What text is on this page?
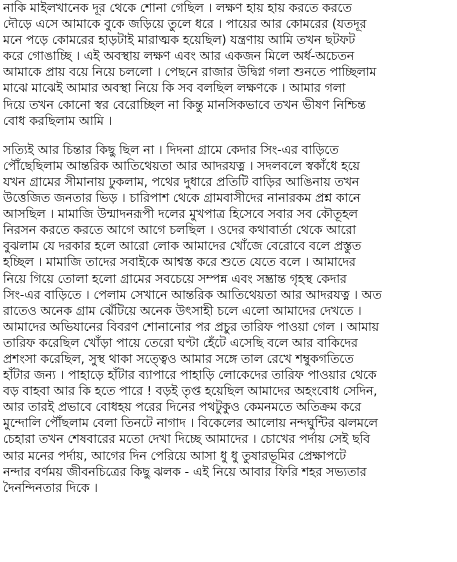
নাকি মাইলখানেক দূর থেকে শোনা গেছিল । লক্ষণ হায় হায় করতে করতে
দৌড়ে এসে আমাকে বুকে জড়িয়ে তুলে ধরে । পায়ের আর কোমরের (যতদূর
মনে পড়ে কোমরের হাড়টাই মারাত্মক হয়েছিল) যন্ত্রণায় আমি তখন ছটফট
করে গোঙাচ্ছি । এই অবস্থায় লক্ষণ এবং আর একজন মিলে অর্ধ-অচেতন
আমাকে প্রায় বয়ে নিয়ে চললো । পেছনে রাজার উদ্বিগ্ন গলা শুনতে পাচ্ছিলাম
মাঝে মাঝেই আমার অবস্থা নিয়ে কি সব বলছিল লক্ষণকে । আমার গলা
দিয়ে তখন কোনো স্বর বেরোচ্ছিল না কিন্তু মানসিকভাবে তখন ভীষণ নিশ্চিন্ত
বোধ করছিলাম আমি ।
সত্যিই আর চিন্তার কিছু ছিল না । দিদনা গ্রামে কেদার সিং-এর বাড়িতে
পৌঁছেছিলাম আন্তরিক আতিথেয়তা আর আদরযত্ন । সদলবলে স্বকাঁধে হয়ে
যখন গ্রামের সীমানায় ঢুকলাম, পথের দুধারে প্রতিটি বাড়ির আঙিনায় তখন
উত্তেজিত জনতার ভিড় । চারিপাশ থেকে গ্রামবাসীদের নানারকম প্রশ্ন কানে
আসছিল । মামাজি উন্মাদনরূপী দলের মুখপাত্র হিসেবে সবার সব কৌতূহল
নিরসন করতে করতে আগে আগে চলছিল । ওদের কথাবার্তা থেকে আরো
বুঝলাম যে দরকার হলে আরো লোক আমাদের খোঁজে বেরোবে বলে প্রস্তুত
হচ্ছিল । মামাজি তাদের সবাইকে আশ্বস্ত করে শুতে যেতে বলে । আমাদের
নিয়ে গিয়ে তোলা হলো গ্রামের সবচেয়ে সম্পন্ন এবং সম্ভ্রান্ত গৃহস্থ কেদার
সিং-এর বাড়িতে । পেলাম সেখানে আন্তরিক আতিথেয়তা আর আদরযত্ন । অত
রাতেও অনেক গ্রাম ঝেঁটিয়ে অনেক উৎসাহী চলে এলো আমাদের দেখতে ।
আমাদের অভিযানের বিবরণ শোনানোর পর প্রচুর তারিফ পাওয়া গেল । আমায়
তারিফ করেছিল খোঁড়া পায়ে তেরো ঘণ্টা হেঁটে এসেছি বলে আর বাকিদের
প্রশংসা করেছিল, সুস্থ থাকা সত্ত্বেও আমার সঙ্গে তাল রেখে শম্বুকগতিতে
হাঁটার জন্য । পাহাড়ে হাঁটার ব্যাপারে পাহাড়ি লোকেদের তারিফ পাওয়ার থেকে
বড় বাহবা আর কি হতে পারে ! বড়ই তৃপ্ত হয়েছিল আমাদের অহংবোধ সেদিন,
আর তারই প্রভাবে বোধহয় পরের দিনের পথটুকুও কেমনমতে অতিক্রম করে
মুন্দোলি পৌঁছলাম বেলা তিনটে নাগাদ । বিকেলের আলোয় নন্দঘুন্টির ঝলমলে
চেহারা তখন শেষবারের মতো দেখা দিচ্ছে আমাদের । চোখের পর্দায় সেই ছবি
আর মনের পর্দায়, আগের দিন পেরিয়ে আসা ধু ধু তুষারভূমির প্রেক্ষাপটে
নন্দার বর্ণময় জীবনচিত্রের কিছু ঝলক - এই নিয়ে আবার ফিরি শহর সভ্যতার
দৈনন্দিনতার দিকে ।
